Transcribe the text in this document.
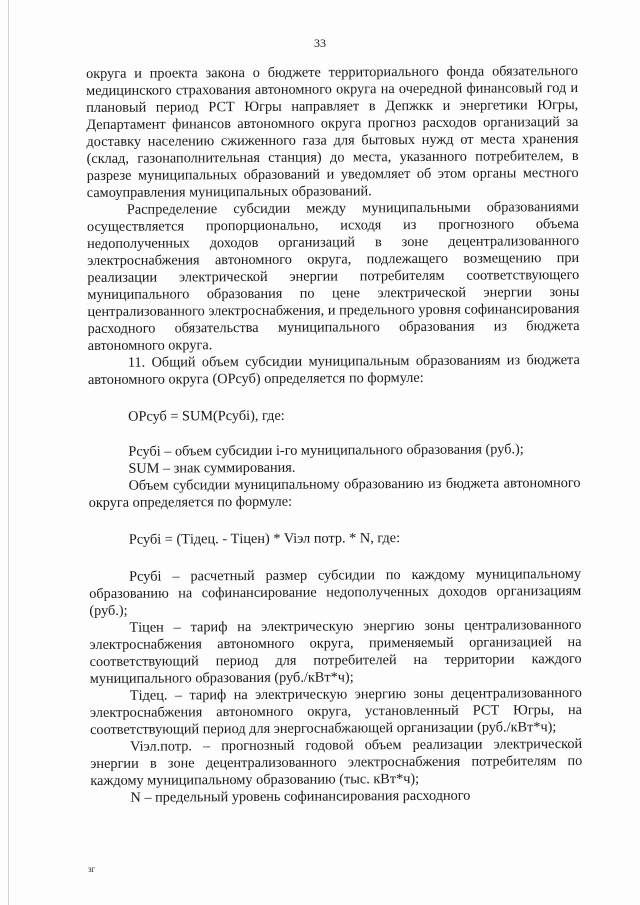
33

округа и проекта закона о бюджете территориального фонда обязательного медицинского страхования автономного округа на очередной финансовый год и плановый период РСТ Югры направляет в Депжкк и энергетики Югры, Департамент финансов автономного округа прогноз расходов организаций за доставку населению сжиженного газа для бытовых нужд от места хранения (склад, газонаполнительная станция) до места, указанного потребителем, в разрезе муниципальных образований и уведомляет об этом органы местного самоуправления муниципальных образований.

Распределение субсидии между муниципальными образованиями осуществляется пропорционально, исходя из прогнозного объема недополученных доходов организаций в зоне децентрализованного электроснабжения автономного округа, подлежащего возмещению при реализации электрической энергии потребителям соответствующего муниципального образования по цене электрической энергии зоны централизованного электроснабжения, и предельного уровня софинансирования расходного обязательства муниципального образования из бюджета автономного округа.

11. Общий объем субсидии муниципальным образованиям из бюджета автономного округа (ОРсуб) определяется по формуле:

ОРсуб = SUM(Рсубi), где:

Рсубi – объем субсидии i-го муниципального образования (руб.);

SUM – знак суммирования.

Объем субсидии муниципальному образованию из бюджета автономного округа определяется по формуле:

Рсубi = (Тiдец. - Тiцен) * Viэл потр. * N, где:

Рсубi – расчетный размер субсидии по каждому муниципальному образованию на софинансирование недополученных доходов организациям (руб.);

Тiцен – тариф на электрическую энергию зоны централизованного электроснабжения автономного округа, применяемый организацией на соответствующий период для потребителей на территории каждого муниципального образования (руб./кВт*ч);

Тiдец. – тариф на электрическую энергию зоны децентрализованного электроснабжения автономного округа, установленный РСТ Югры, на соответствующий период для энергоснабжающей организации (руб./кВт*ч);

Viэл.потр. – прогнозный годовой объем реализации электрической энергии в зоне децентрализованного электроснабжения потребителям по каждому муниципальному образованию (тыс. кВт*ч);

N – предельный уровень софинансирования расходного

зг
